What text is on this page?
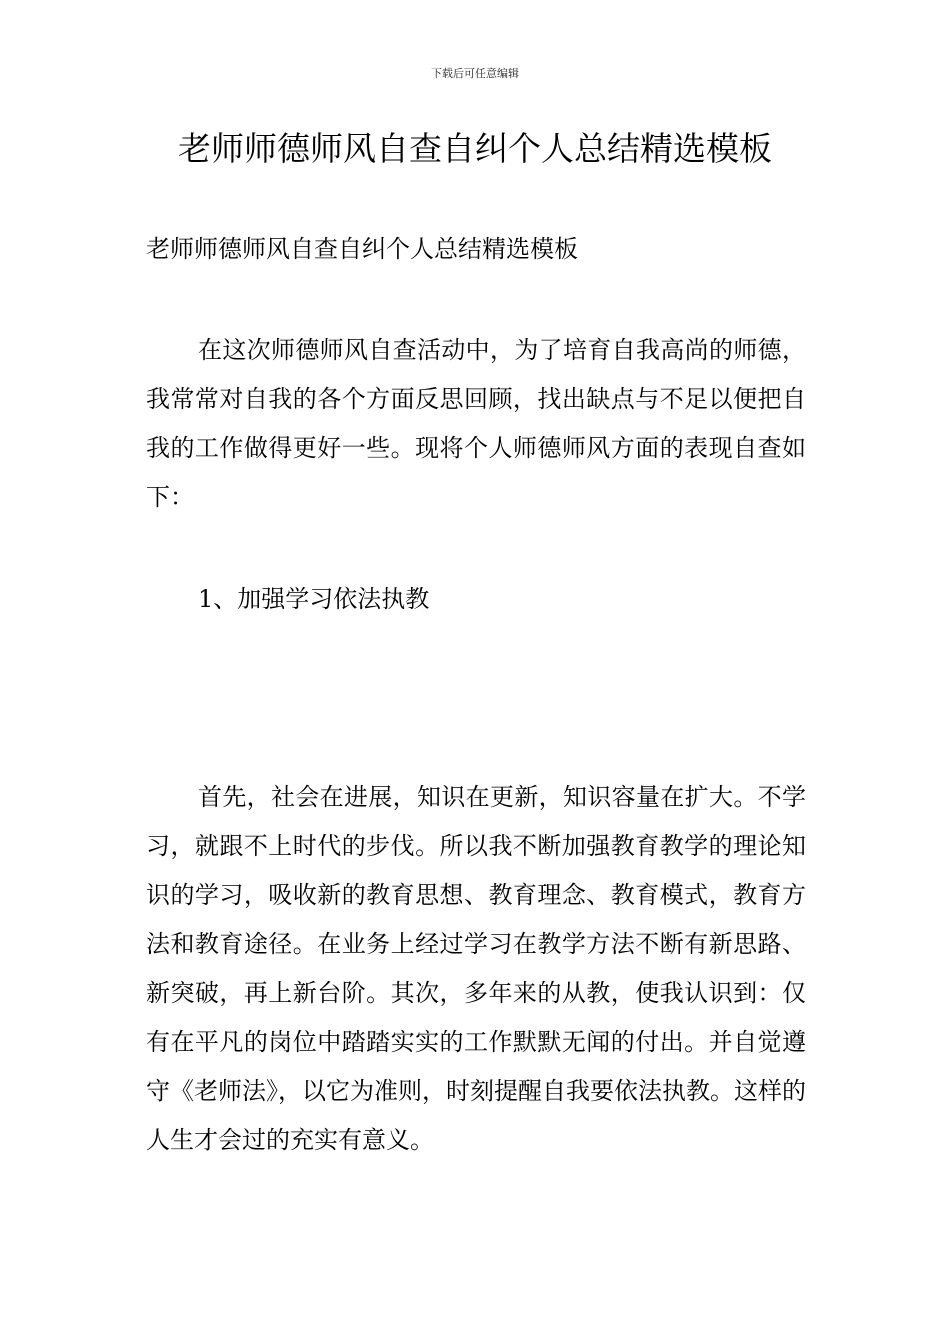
下载后可任意编辑
老师师德师风自查自纠个人总结精选模板

老师师德师风自查自纠个人总结精选模板

在这次师德师风自查活动中，为了培育自我高尚的师德，我常常对自我的各个方面反思回顾，找出缺点与不足以便把自我的工作做得更好一些。现将个人师德师风方面的表现自查如下：

1、加强学习依法执教

首先，社会在进展，知识在更新，知识容量在扩大。不学习，就跟不上时代的步伐。所以我不断加强教育教学的理论知识的学习，吸收新的教育思想、教育理念、教育模式，教育方法和教育途径。在业务上经过学习在教学方法不断有新思路、新突破，再上新台阶。其次，多年来的从教，使我认识到：仅有在平凡的岗位中踏踏实实的工作默默无闻的付出。并自觉遵守《老师法》，以它为准则，时刻提醒自我要依法执教。这样的人生才会过的充实有意义。
